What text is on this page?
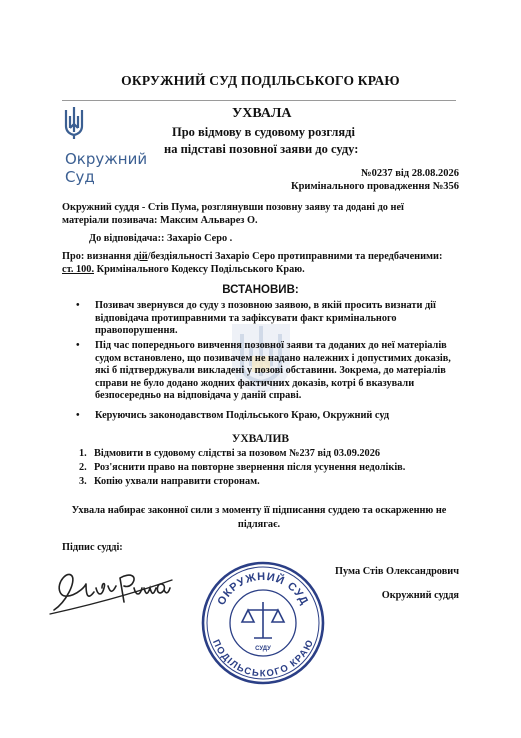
ОКРУЖНИЙ СУД ПОДІЛЬСЬКОГО КРАЮ
Окружний
Суд
УХВАЛА
Про відмову в судовому розгляді
на підставі позовної заяви до суду:
№0237 від 28.08.2026
Кримінального провадження №356
Окружний суддя - Стів Пума, розглянувши позовну заяву та додані до неї
матеріали позивача: Максим Альварез О.
До відповідача:: Захаріо Серо .
Про: визнання дій/бездіяльності Захаріо Серо протиправними та передбаченими:
ст. 100. Кримінального Кодексу Подільського Краю.
ВСТАНОВИВ:
• Позивач звернувся до суду з позовною заявою, в якій просить визнати дії
відповідача протиправними та зафіксувати факт кримінального
правопорушення.
• Під час попереднього вивчення позовної заяви та доданих до неї матеріалів
судом встановлено, що позивачем не надано належних і допустимих доказів,
які б підтверджували викладені у позові обставини. Зокрема, до матеріалів
справи не було додано жодних фактичних доказів, котрі б вказували
безпосередньо на відповідача у даній справі.
• Керуючись законодавством Подільського Краю, Окружний суд
УХВАЛИВ
1. Відмовити в судовому слідстві за позовом №237 від 03.09.2026
2. Роз'яснити право на повторне звернення після усунення недоліків.
3. Копію ухвали направити сторонам.
Ухвала набирає законної сили з моменту її підписання суддею та оскарженню не
підлягає.
Підпис судді:
ОКРУЖНИЙ СУД
ПОДІЛЬСЬКОГО КРАЮ
СУДУ
Пума Стів Олександрович
Окружний суддя
